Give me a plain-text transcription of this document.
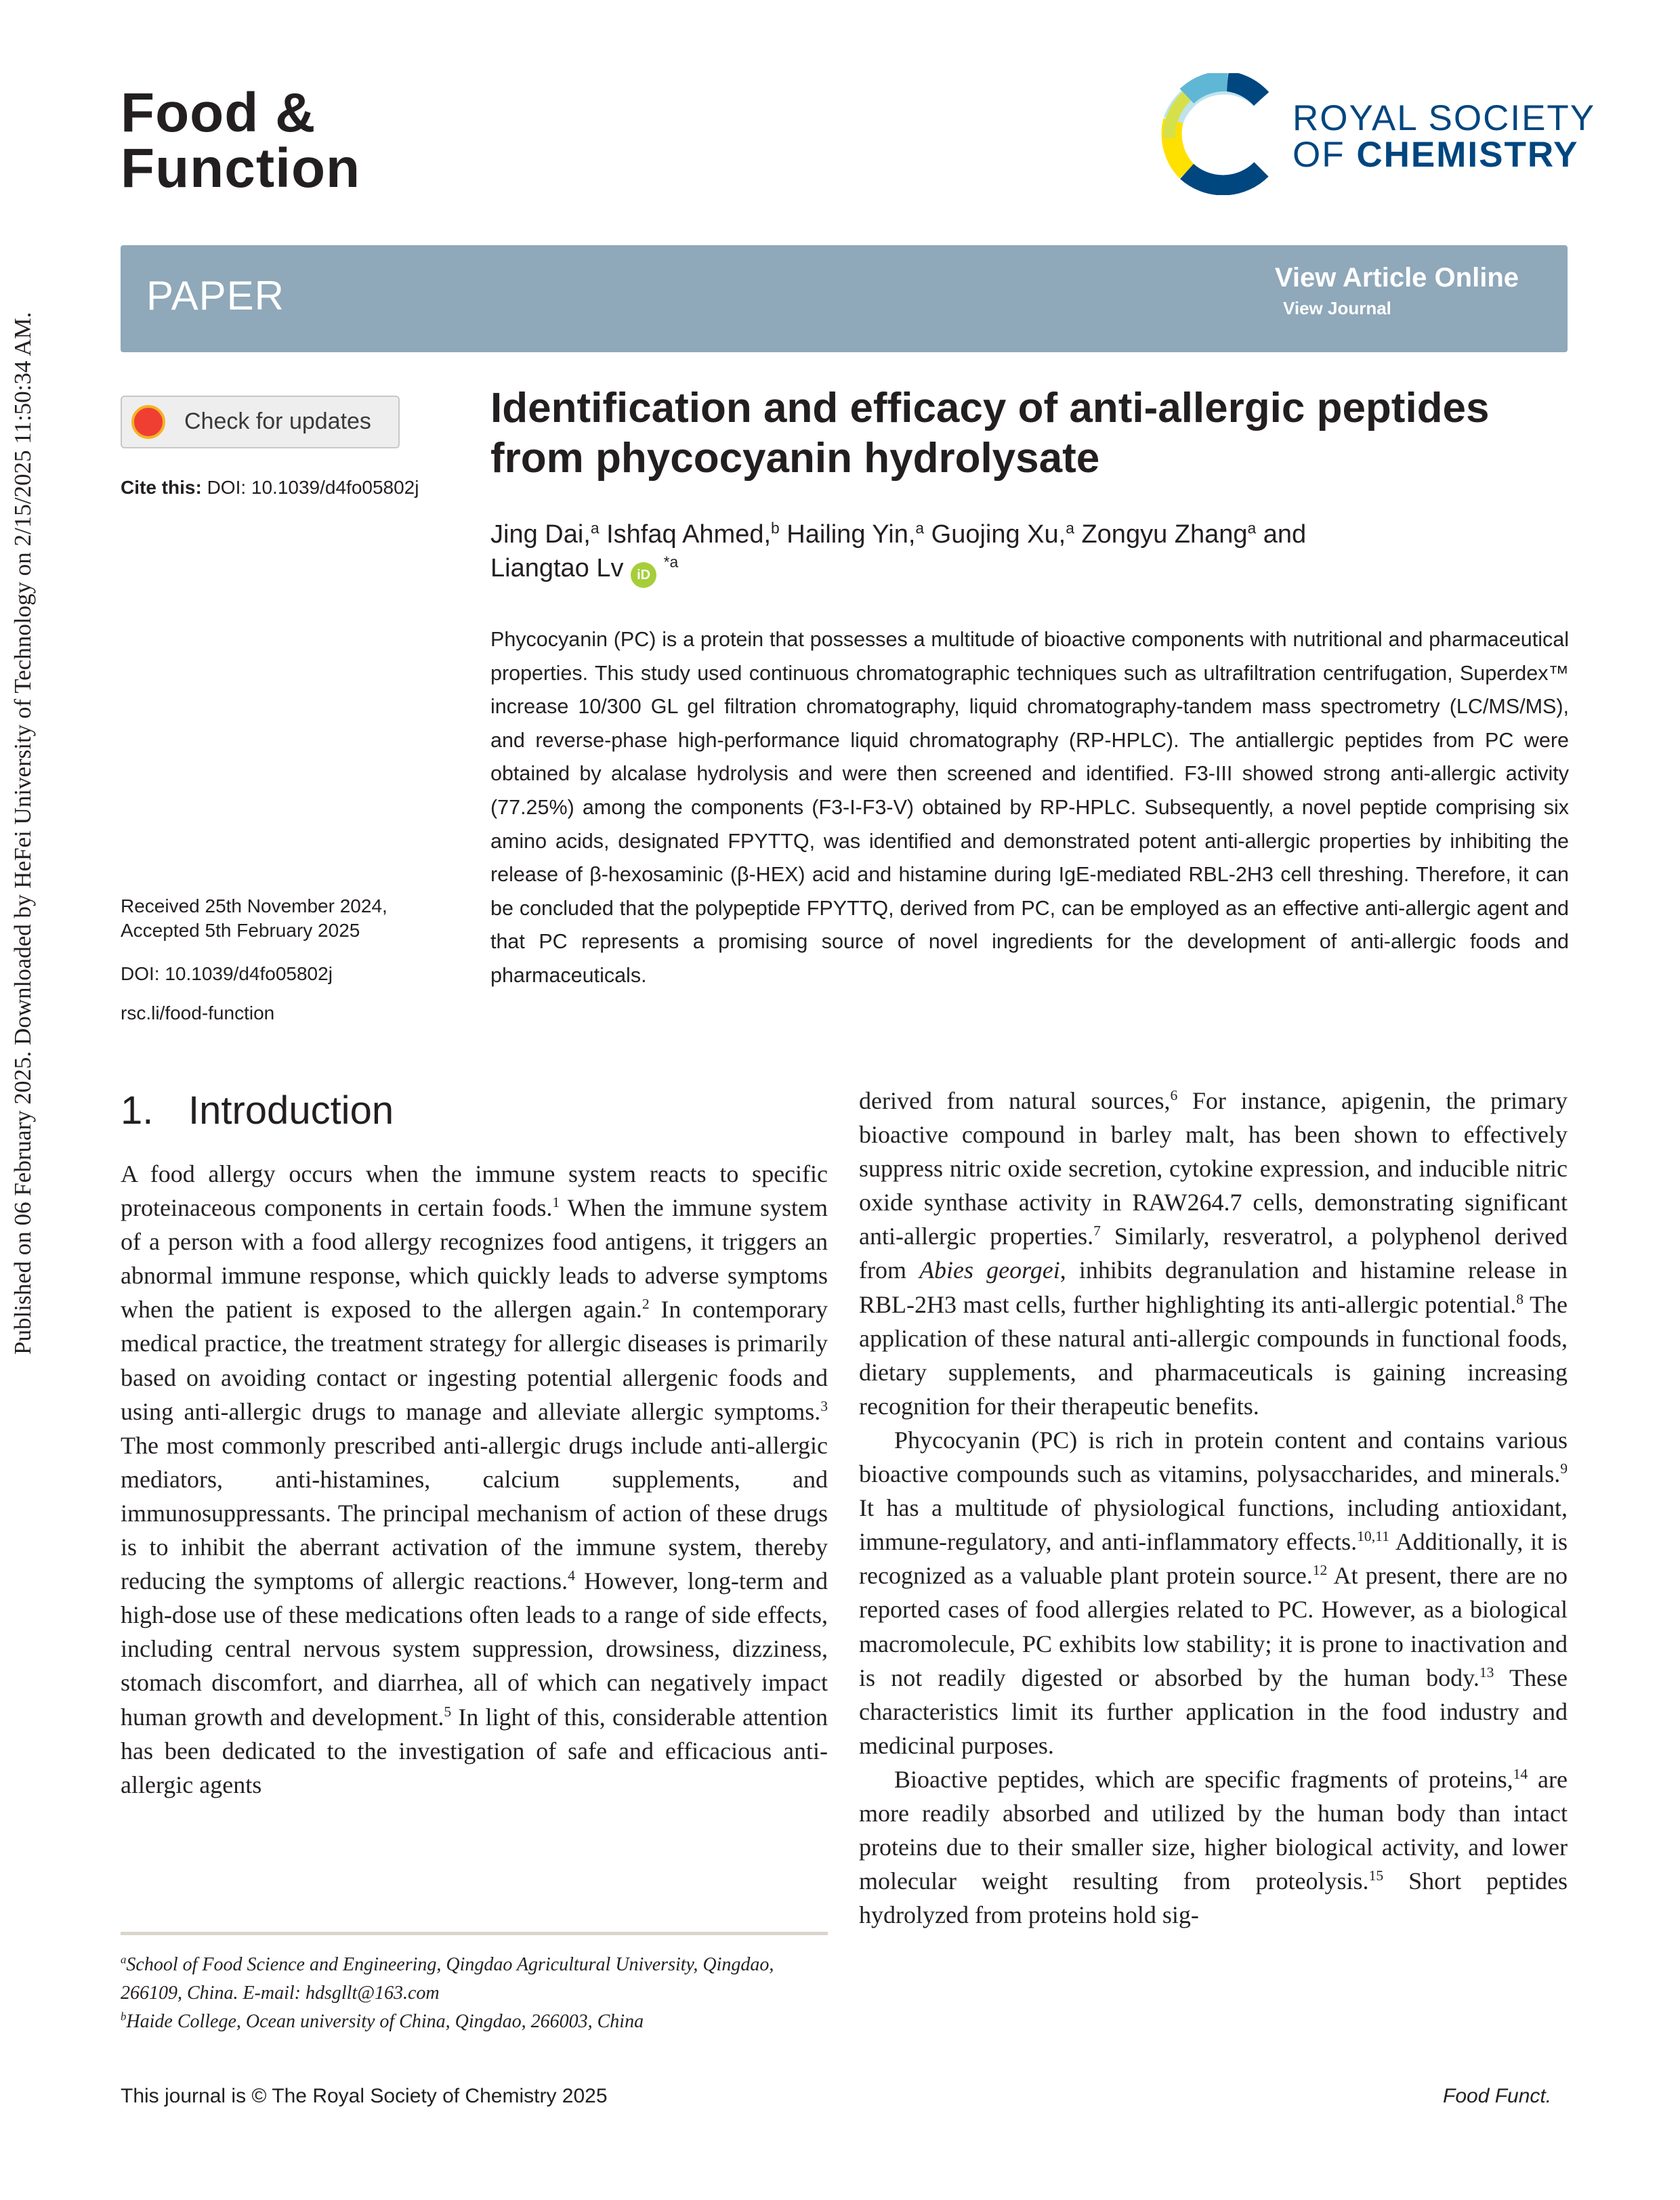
Published on 06 February 2025. Downloaded by HeFei University of Technology on 2/15/2025 11:50:34 AM.
Food &
Function
ROYAL SOCIETY
OF CHEMISTRY
PAPER	View Article Online
View Journal
Check for updates
Cite this: DOI: 10.1039/d4fo05802j
Identification and efficacy of anti-allergic peptides from phycocyanin hydrolysate
Jing Dai,$^a$ Ishfaq Ahmed,$^b$ Hailing Yin,$^a$ Guojing Xu,$^a$ Zongyu Zhang$^a$ and
Liangtao Lv iD $^{*a}$
Phycocyanin (PC) is a protein that possesses a multitude of bioactive components with nutritional and pharmaceutical properties. This study used continuous chromatographic techniques such as ultrafiltration centrifugation, Superdex™ increase 10/300 GL gel filtration chromatography, liquid chromatography-tandem mass spectrometry (LC/MS/MS), and reverse-phase high-performance liquid chromatography (RP-HPLC). The antiallergic peptides from PC were obtained by alcalase hydrolysis and were then screened and identified. F3-III showed strong anti-allergic activity (77.25%) among the components (F3-I-F3-V) obtained by RP-HPLC. Subsequently, a novel peptide comprising six amino acids, designated FPYTTQ, was identified and demonstrated potent anti-allergic properties by inhibiting the release of β-hexosaminic (β-HEX) acid and histamine during IgE-mediated RBL-2H3 cell threshing. Therefore, it can be concluded that the polypeptide FPYTTQ, derived from PC, can be employed as an effective anti-allergic agent and that PC represents a promising source of novel ingredients for the development of anti-allergic foods and pharmaceuticals.
Received 25th November 2024,
Accepted 5th February 2025
DOI: 10.1039/d4fo05802j
rsc.li/food-function
1. Introduction

A food allergy occurs when the immune system reacts to specific proteinaceous components in certain foods.$^1$ When the immune system of a person with a food allergy recognizes food antigens, it triggers an abnormal immune response, which quickly leads to adverse symptoms when the patient is exposed to the allergen again.$^2$ In contemporary medical practice, the treatment strategy for allergic diseases is primarily based on avoiding contact or ingesting potential allergenic foods and using anti-allergic drugs to manage and alleviate allergic symptoms.$^3$ The most commonly prescribed anti-allergic drugs include anti-allergic mediators, anti-histamines, calcium supplements, and immunosuppressants. The principal mechanism of action of these drugs is to inhibit the aberrant activation of the immune system, thereby reducing the symptoms of allergic reactions.$^4$ However, long-term and high-dose use of these medications often leads to a range of side effects, including central nervous system suppression, drowsiness, dizziness, stomach discomfort, and diarrhea, all of which can negatively impact human growth and development.$^5$ In light of this, considerable attention has been dedicated to the investigation of safe and efficacious anti-allergic agents

derived from natural sources,$^6$ For instance, apigenin, the primary bioactive compound in barley malt, has been shown to effectively suppress nitric oxide secretion, cytokine expression, and inducible nitric oxide synthase activity in RAW264.7 cells, demonstrating significant anti-allergic properties.$^7$ Similarly, resveratrol, a polyphenol derived from Abies georgei, inhibits degranulation and histamine release in RBL-2H3 mast cells, further highlighting its anti-allergic potential.$^8$ The application of these natural anti-allergic compounds in functional foods, dietary supplements, and pharmaceuticals is gaining increasing recognition for their therapeutic benefits.

Phycocyanin (PC) is rich in protein content and contains various bioactive compounds such as vitamins, polysaccharides, and minerals.$^9$ It has a multitude of physiological functions, including antioxidant, immune-regulatory, and anti-inflammatory effects.$^{10,11}$ Additionally, it is recognized as a valuable plant protein source.$^{12}$ At present, there are no reported cases of food allergies related to PC. However, as a biological macromolecule, PC exhibits low stability; it is prone to inactivation and is not readily digested or absorbed by the human body.$^{13}$ These characteristics limit its further application in the food industry and medicinal purposes.

Bioactive peptides, which are specific fragments of proteins,$^{14}$ are more readily absorbed and utilized by the human body than intact proteins due to their smaller size, higher biological activity, and lower molecular weight resulting from proteolysis.$^{15}$ Short peptides hydrolyzed from proteins hold sig-

$^a$School of Food Science and Engineering, Qingdao Agricultural University, Qingdao, 266109, China. E-mail: hdsgllt@163.com
$^b$Haide College, Ocean university of China, Qingdao, 266003, China
This journal is © The Royal Society of Chemistry 2025	Food Funct.
